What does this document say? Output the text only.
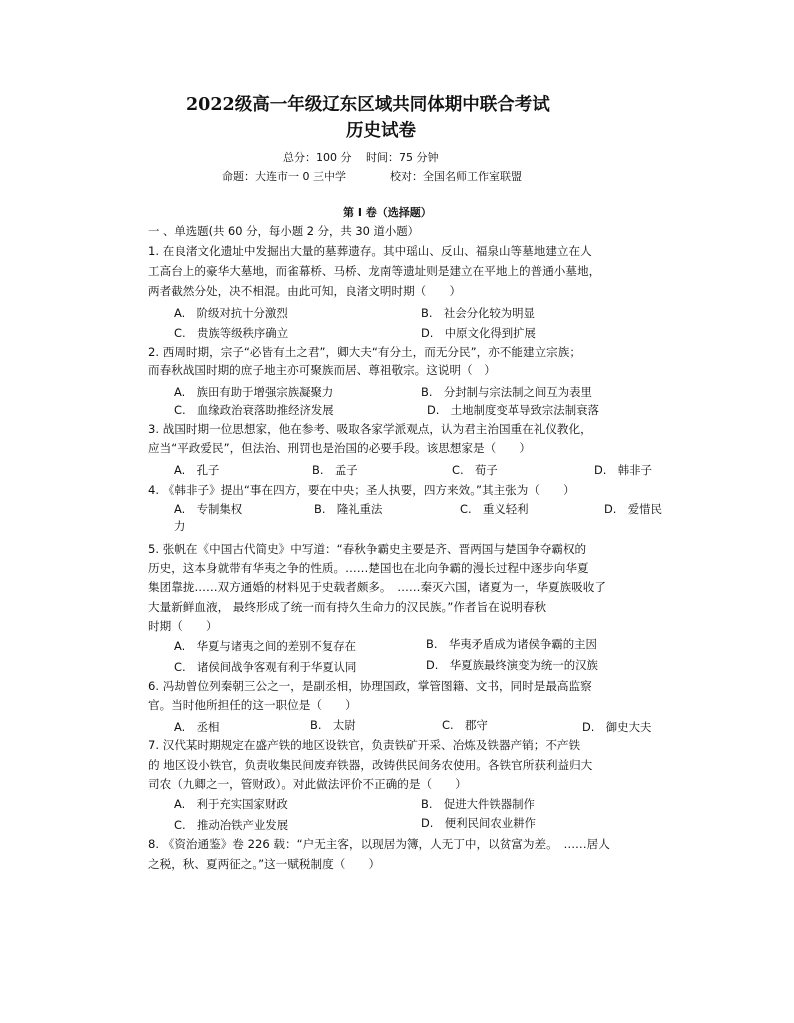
2022级高一年级辽东区域共同体期中联合考试
历史试卷
总分：100 分　 时间：75 分钟
命题：大连市一 0 三中学　　　　校对：全国名师工作室联盟
第 I 卷（选择题）
一 、单选题(共 60 分，每小题 2 分，共 30 道小题）
1. 在良渚文化遗址中发掘出大量的墓葬遗存。其中瑶山、反山、福泉山等墓地建立在人
工高台上的豪华大墓地，而雀幕桥、马桥、龙南等遗址则是建立在平地上的普通小墓地，
两者截然分处，决不相混。由此可知，良渚文明时期（　　）
A.　阶级对抗十分激烈	B.　社会分化较为明显
C.　贵族等级秩序确立	D.　中原文化得到扩展
2. 西周时期，宗子“必皆有土之君”，卿大夫“有分土，而无分民”，亦不能建立宗族；
而春秋战国时期的庶子地主亦可聚族而居、尊祖敬宗。这说明（　）
A.　族田有助于增强宗族凝聚力	B.　分封制与宗法制之间互为表里
C.　血缘政治衰落助推经济发展	D.　土地制度变革导致宗法制衰落
3. 战国时期一位思想家，他在参考、吸取各家学派观点，认为君主治国重在礼仪教化，
应当“平政爱民”，但法治、刑罚也是治国的必要手段。该思想家是（　　）
A.　孔子	B.　孟子	C.　荀子	D.　韩非子
4. 《韩非子》提出“事在四方，要在中央；圣人执要，四方来效。”其主张为（　　）
A.　专制集权	B.　隆礼重法	C.　重义轻利	D.　爱惜民
力
5. 张帆在《中国古代简史》中写道：“春秋争霸史主要是齐、晋两国与楚国争夺霸权的
历史，这本身就带有华夷之争的性质。……楚国也在北向争霸的漫长过程中逐步向华夏
集团靠拢……双方通婚的材料见于史载者颇多。　……秦灭六国，诸夏为一，华夏族吸收了
大量新鲜血液， 最终形成了统一而有持久生命力的汉民族。”作者旨在说明春秋
时期（　　）
A.　华夏与诸夷之间的差别不复存在	B.　华夷矛盾成为诸侯争霸的主因
C.　诸侯间战争客观有利于华夏认同	D.　华夏族最终演变为统一的汉族
6. 冯劫曾位列秦朝三公之一，是副丞相，协理国政，掌管图籍、文书，同时是最高监察
官。当时他所担任的这一职位是（　　）
A.　丞相	B.　太尉	C.　郡守	D.　御史大夫
7. 汉代某时期规定在盛产铁的地区设铁官，负责铁矿开采、冶炼及铁器产销；不产铁
的 地区设小铁官，负责收集民间废弃铁器，改铸供民间务农使用。各铁官所获利益归大
司农（九卿之一，管财政）。对此做法评价不正确的是（　　）
A.　利于充实国家财政	B.　促进大件铁器制作
C.　推动冶铁产业发展	D.　便利民间农业耕作
8. 《资治通鉴》卷 226 载：“户无主客，以现居为簿，人无丁中，以贫富为差。　……居人
之税，秋、夏两征之。”这一赋税制度（　　）
